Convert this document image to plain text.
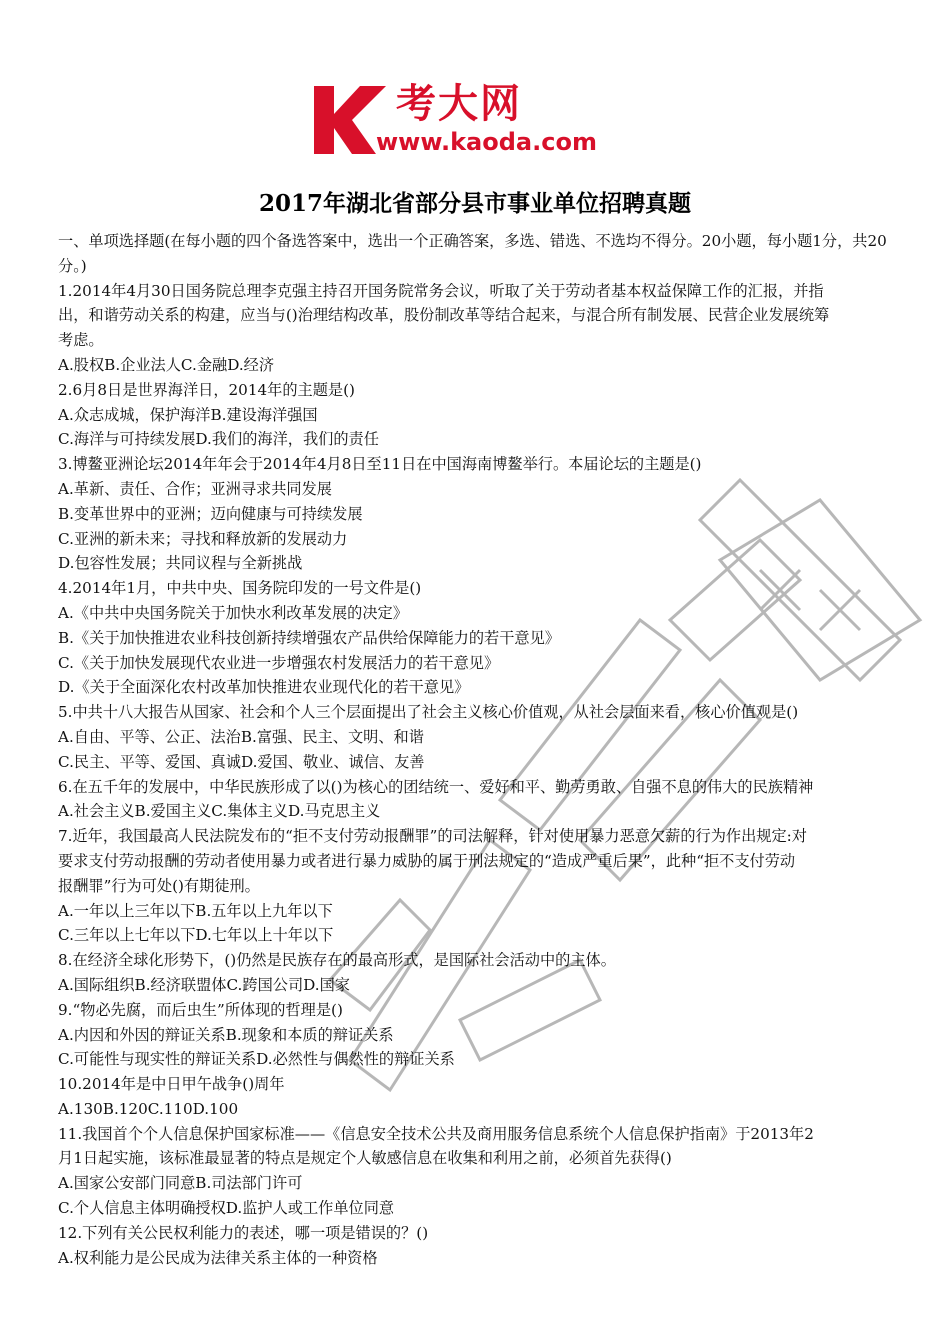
考大网
www.kaoda.com
2017年湖北省部分县市事业单位招聘真题
一、单项选择题(在每小题的四个备选答案中，选出一个正确答案，多选、错选、不选均不得分。20小题，每小题1分，共20分。)
1.2014年4月30日国务院总理李克强主持召开国务院常务会议，听取了关于劳动者基本权益保障工作的汇报，并指
出，和谐劳动关系的构建，应当与()治理结构改革，股份制改革等结合起来，与混合所有制发展、民营企业发展统筹
考虑。
A.股权B.企业法人C.金融D.经济
2.6月8日是世界海洋日，2014年的主题是()
A.众志成城，保护海洋B.建设海洋强国
C.海洋与可持续发展D.我们的海洋，我们的责任
3.博鳌亚洲论坛2014年年会于2014年4月8日至11日在中国海南博鳌举行。本届论坛的主题是()
A.革新、责任、合作；亚洲寻求共同发展
B.变革世界中的亚洲；迈向健康与可持续发展
C.亚洲的新未来；寻找和释放新的发展动力
D.包容性发展；共同议程与全新挑战
4.2014年1月，中共中央、国务院印发的一号文件是()
A.《中共中央国务院关于加快水利改革发展的决定》
B.《关于加快推进农业科技创新持续增强农产品供给保障能力的若干意见》
C.《关于加快发展现代农业进一步增强农村发展活力的若干意见》
D.《关于全面深化农村改革加快推进农业现代化的若干意见》
5.中共十八大报告从国家、社会和个人三个层面提出了社会主义核心价值观，从社会层面来看，核心价值观是()
A.自由、平等、公正、法治B.富强、民主、文明、和谐
C.民主、平等、爱国、真诚D.爱国、敬业、诚信、友善
6.在五千年的发展中，中华民族形成了以()为核心的团结统一、爱好和平、勤劳勇敢、自强不息的伟大的民族精神
A.社会主义B.爱国主义C.集体主义D.马克思主义
7.近年，我国最高人民法院发布的“拒不支付劳动报酬罪”的司法解释，针对使用暴力恶意欠薪的行为作出规定:对
要求支付劳动报酬的劳动者使用暴力或者进行暴力威胁的属于刑法规定的“造成严重后果”，此种“拒不支付劳动
报酬罪”行为可处()有期徒刑。
A.一年以上三年以下B.五年以上九年以下
C.三年以上七年以下D.七年以上十年以下
8.在经济全球化形势下，()仍然是民族存在的最高形式，是国际社会活动中的主体。
A.国际组织B.经济联盟体C.跨国公司D.国家
9.“物必先腐，而后虫生”所体现的哲理是()
A.内因和外因的辩证关系B.现象和本质的辩证关系
C.可能性与现实性的辩证关系D.必然性与偶然性的辩证关系
10.2014年是中日甲午战争()周年
A.130B.120C.110D.100
11.我国首个个人信息保护国家标准——《信息安全技术公共及商用服务信息系统个人信息保护指南》于2013年2
月1日起实施，该标准最显著的特点是规定个人敏感信息在收集和利用之前，必须首先获得()
A.国家公安部门同意B.司法部门许可
C.个人信息主体明确授权D.监护人或工作单位同意
12.下列有关公民权利能力的表述，哪一项是错误的？()
A.权利能力是公民成为法律关系主体的一种资格
